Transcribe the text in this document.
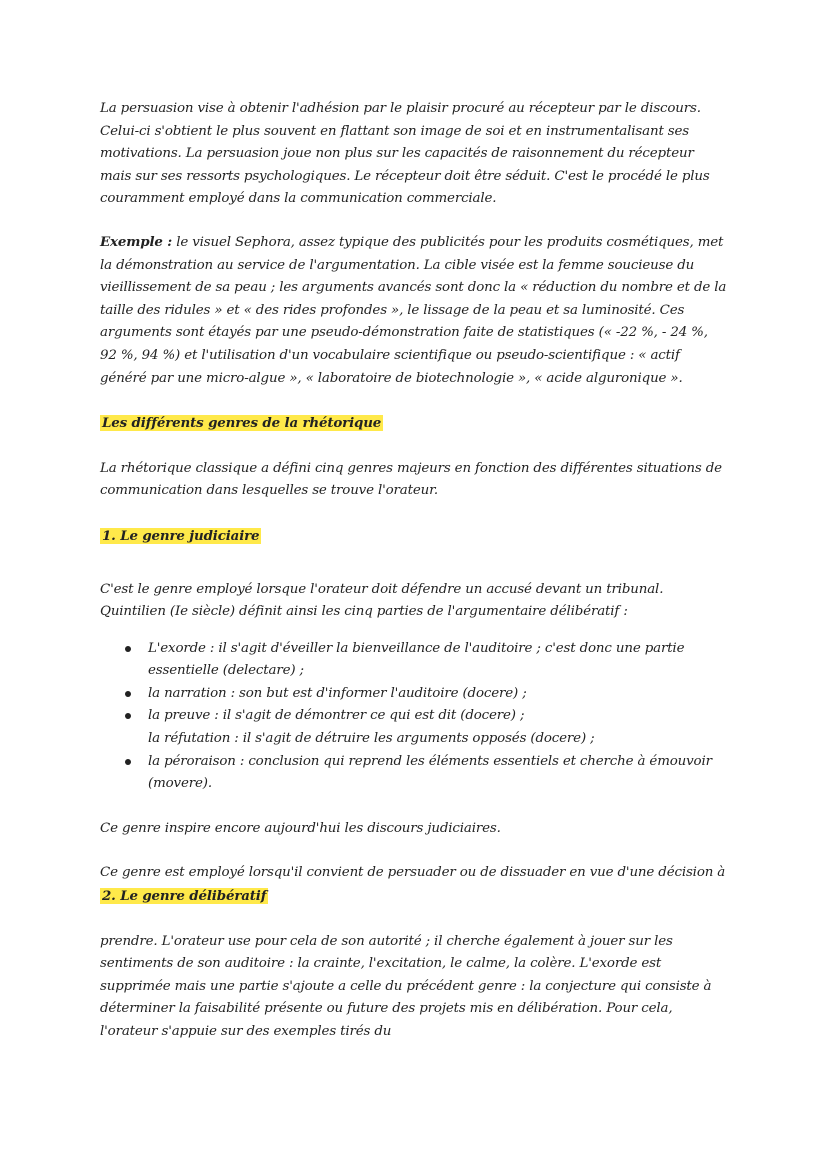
La persuasion vise à obtenir l'adhésion par le plaisir procuré au récepteur par le discours. Celui-ci s'obtient le plus souvent en flattant son image de soi et en instrumentalisant ses motivations. La persuasion joue non plus sur les capacités de raisonnement du récepteur mais sur ses ressorts psychologiques. Le récepteur doit être séduit. C'est le procédé le plus couramment employé dans la communication commerciale.

Exemple : le visuel Sephora, assez typique des publicités pour les produits cosmétiques, met la démonstration au service de l'argumentation. La cible visée est la femme soucieuse du vieillissement de sa peau ; les arguments avancés sont donc la « réduction du nombre et de la taille des ridules » et « des rides profondes », le lissage de la peau et sa luminosité. Ces arguments sont étayés par une pseudo-démonstration faite de statistiques (« -22 %, - 24 %, 92 %, 94 %) et l'utilisation d'un vocabulaire scientifique ou pseudo-scientifique : « actif généré par une micro-algue », « laboratoire de biotechnologie », « acide alguronique ».

Les différents genres de la rhétorique

La rhétorique classique a défini cinq genres majeurs en fonction des différentes situations de communication dans lesquelles se trouve l'orateur.

1. Le genre judiciaire

C'est le genre employé lorsque l'orateur doit défendre un accusé devant un tribunal. Quintilien (Ie siècle) définit ainsi les cinq parties de l'argumentaire délibératif :

L'exorde : il s'agit d'éveiller la bienveillance de l'auditoire ; c'est donc une partie essentielle (delectare) ;
la narration : son but est d'informer l'auditoire (docere) ;
la preuve : il s'agit de démontrer ce qui est dit (docere) ;
la réfutation : il s'agit de détruire les arguments opposés (docere) ;
la péroraison : conclusion qui reprend les éléments essentiels et cherche à émouvoir (movere).

Ce genre inspire encore aujourd'hui les discours judiciaires.

Ce genre est employé lorsqu'il convient de persuader ou de dissuader en vue d'une décision à 2. Le genre délibératif

prendre. L'orateur use pour cela de son autorité ; il cherche également à jouer sur les sentiments de son auditoire : la crainte, l'excitation, le calme, la colère. L'exorde est supprimée mais une partie s'ajoute a celle du précédent genre : la conjecture qui consiste à déterminer la faisabilité présente ou future des projets mis en délibération. Pour cela, l'orateur s'appuie sur des exemples tirés du
